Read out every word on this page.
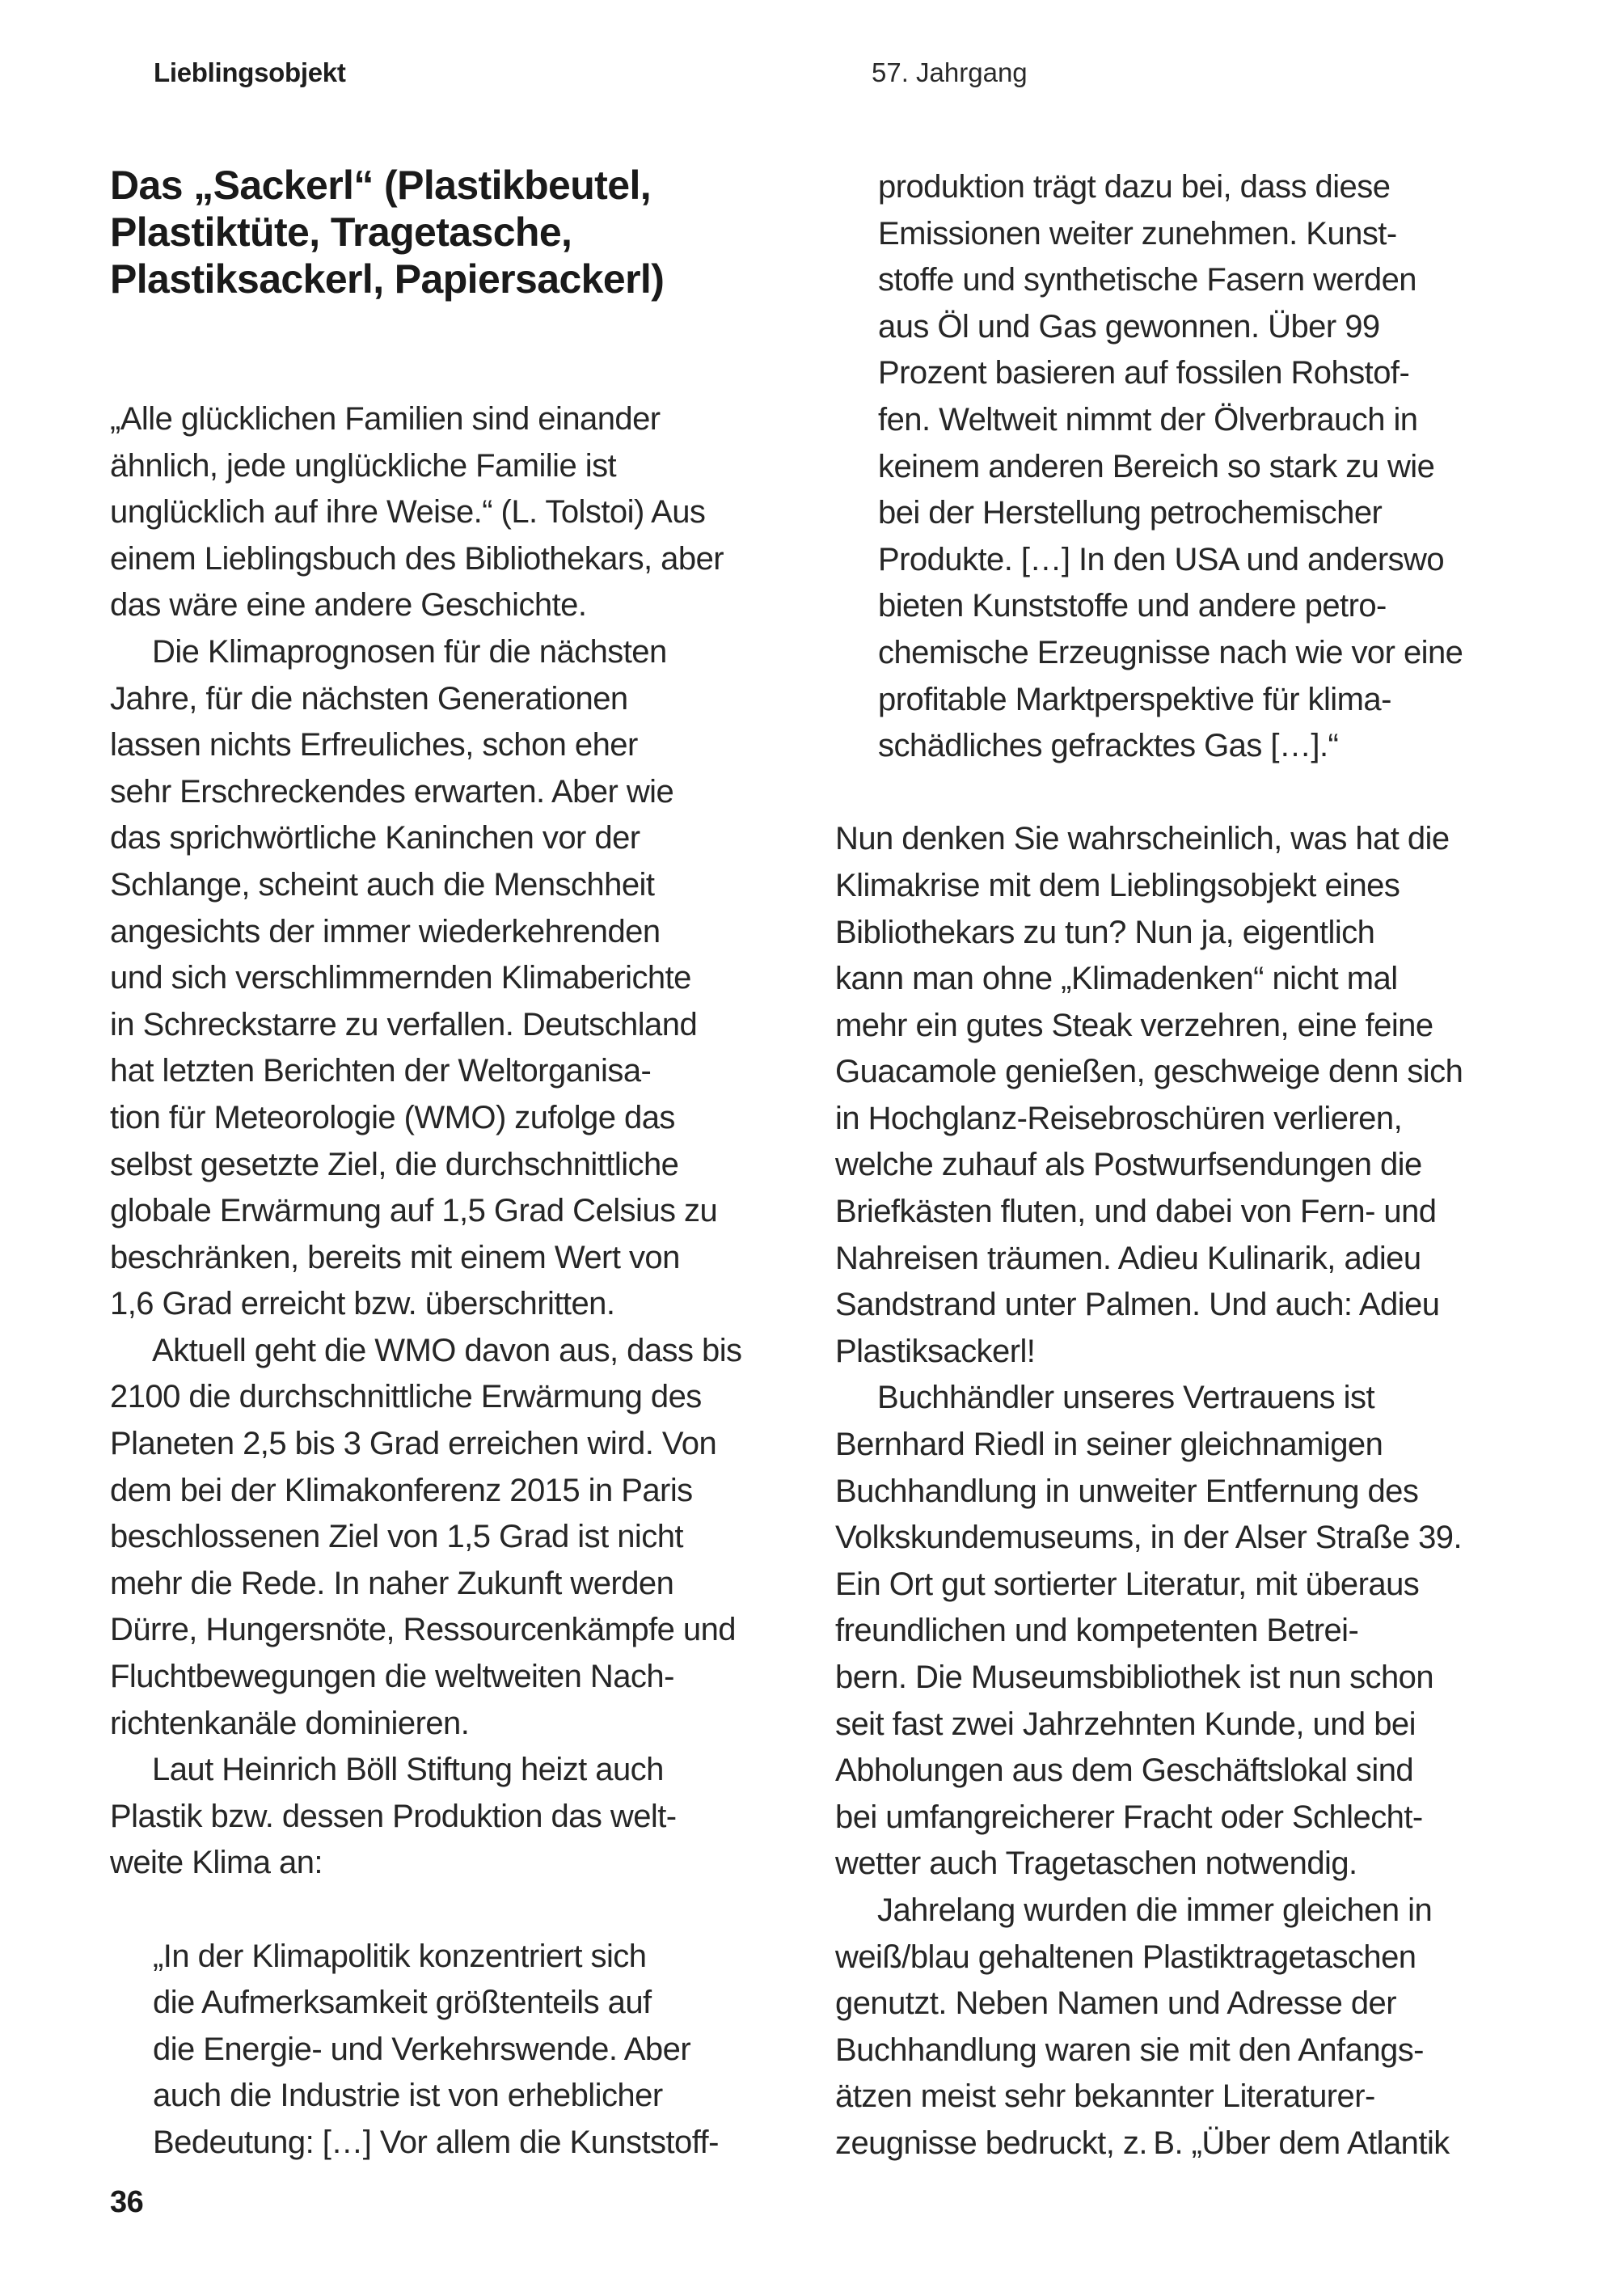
Lieblingsobjekt	57. Jahrgang
Das „Sackerl“ (Plastikbeutel,
Plastiktüte, Tragetasche,
Plastiksackerl, Papiersackerl)
„Alle glücklichen Familien sind einander
ähnlich, jede unglückliche Familie ist
unglücklich auf ihre Weise.“ (L. Tolstoi) Aus
einem Lieblingsbuch des Bibliothekars, aber
das wäre eine andere Geschichte.
Die Klimaprognosen für die nächsten
Jahre, für die nächsten Generationen
lassen nichts Erfreuliches, schon eher
sehr Erschreckendes erwarten. Aber wie
das sprichwörtliche Kaninchen vor der
Schlange, scheint auch die Menschheit
angesichts der immer wiederkehrenden
und sich verschlimmernden Klimaberichte
in Schreckstarre zu verfallen. Deutschland
hat letzten Berichten der Weltorganisa-
tion für Meteorologie (WMO) zufolge das
selbst gesetzte Ziel, die durchschnittliche
globale Erwärmung auf 1,5 Grad Celsius zu
beschränken, bereits mit einem Wert von
1,6 Grad erreicht bzw. überschritten.
Aktuell geht die WMO davon aus, dass bis
2100 die durchschnittliche Erwärmung des
Planeten 2,5 bis 3 Grad erreichen wird. Von
dem bei der Klimakonferenz 2015 in Paris
beschlossenen Ziel von 1,5 Grad ist nicht
mehr die Rede. In naher Zukunft werden
Dürre, Hungersnöte, Ressourcenkämpfe und
Fluchtbewegungen die weltweiten Nach-
richtenkanäle dominieren.
Laut Heinrich Böll Stiftung heizt auch
Plastik bzw. dessen Produktion das welt-
weite Klima an:
„In der Klimapolitik konzentriert sich
die Aufmerksamkeit größtenteils auf
die Energie- und Verkehrswende. Aber
auch die Industrie ist von erheblicher
Bedeutung: […] Vor allem die Kunststoff-
produktion trägt dazu bei, dass diese
Emissionen weiter zunehmen. Kunst-
stoffe und synthetische Fasern werden
aus Öl und Gas gewonnen. Über 99
Prozent basieren auf fossilen Rohstof-
fen. Weltweit nimmt der Ölverbrauch in
keinem anderen Bereich so stark zu wie
bei der Herstellung petrochemischer
Produkte. […] In den USA und anderswo
bieten Kunststoffe und andere petro-
chemische Erzeugnisse nach wie vor eine
profitable Marktperspektive für klima-
schädliches gefracktes Gas […].“
Nun denken Sie wahrscheinlich, was hat die
Klimakrise mit dem Lieblingsobjekt eines
Bibliothekars zu tun? Nun ja, eigentlich
kann man ohne „Klimadenken“ nicht mal
mehr ein gutes Steak verzehren, eine feine
Guacamole genießen, geschweige denn sich
in Hochglanz-Reisebroschüren verlieren,
welche zuhauf als Postwurfsendungen die
Briefkästen fluten, und dabei von Fern- und
Nahreisen träumen. Adieu Kulinarik, adieu
Sandstrand unter Palmen. Und auch: Adieu
Plastiksackerl!
Buchhändler unseres Vertrauens ist
Bernhard Riedl in seiner gleichnamigen
Buchhandlung in unweiter Entfernung des
Volkskundemuseums, in der Alser Straße 39.
Ein Ort gut sortierter Literatur, mit überaus
freundlichen und kompetenten Betrei-
bern. Die Museumsbibliothek ist nun schon
seit fast zwei Jahrzehnten Kunde, und bei
Abholungen aus dem Geschäftslokal sind
bei umfangreicherer Fracht oder Schlecht-
wetter auch Tragetaschen notwendig.
Jahrelang wurden die immer gleichen in
weiß/blau gehaltenen Plastiktragetaschen
genutzt. Neben Namen und Adresse der
Buchhandlung waren sie mit den Anfangs-
ätzen meist sehr bekannter Literaturer-
zeugnisse bedruckt, z. B. „Über dem Atlantik
36
